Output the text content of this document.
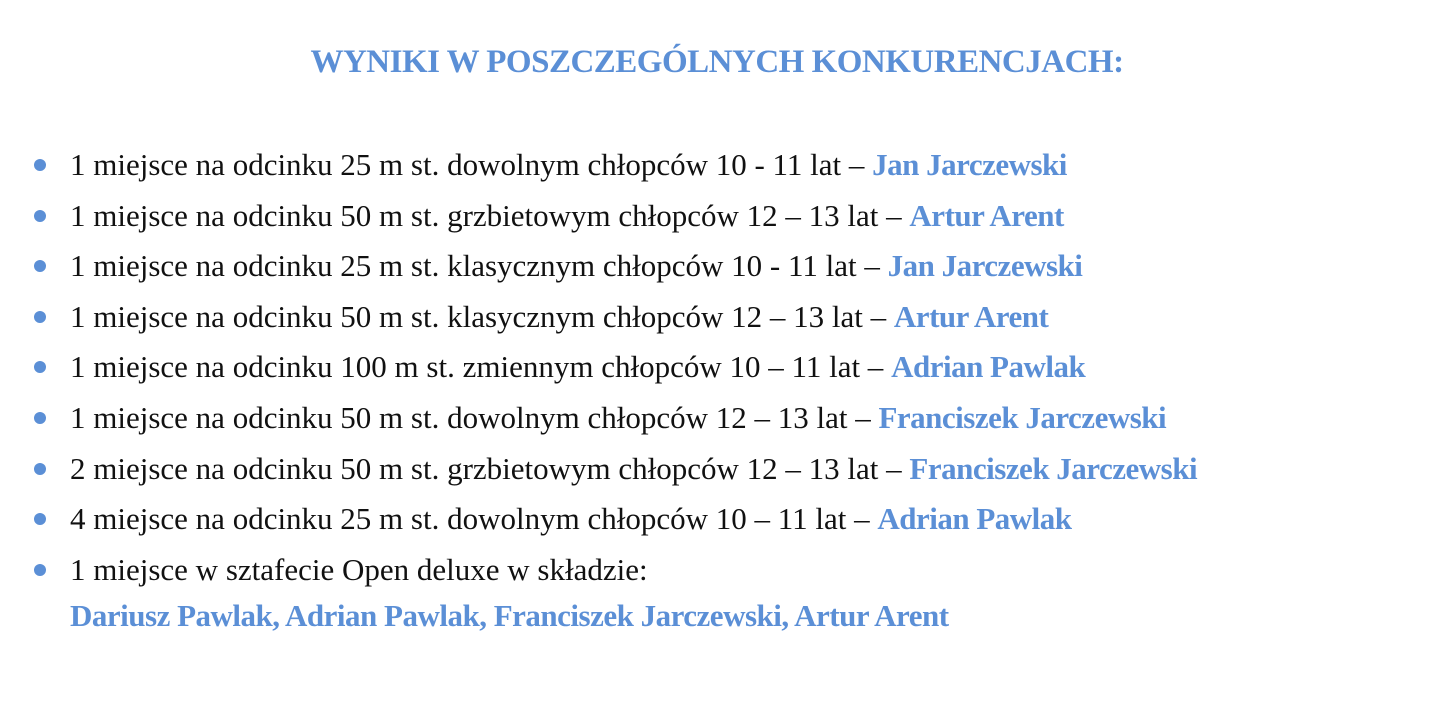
WYNIKI W POSZCZEGÓLNYCH KONKURENCJACH:
1 miejsce na odcinku 25 m st. dowolnym chłopców 10 - 11 lat – Jan Jarczewski
1 miejsce na odcinku 50 m st. grzbietowym chłopców 12 – 13 lat – Artur Arent
1 miejsce na odcinku 25 m st. klasycznym chłopców 10 - 11 lat – Jan Jarczewski
1 miejsce na odcinku 50 m st. klasycznym chłopców 12 – 13 lat – Artur Arent
1 miejsce na odcinku 100 m st. zmiennym chłopców 10 – 11 lat – Adrian Pawlak
1 miejsce na odcinku 50 m st. dowolnym chłopców 12 – 13 lat – Franciszek Jarczewski
2 miejsce na odcinku 50 m st. grzbietowym chłopców 12 – 13 lat – Franciszek Jarczewski
4 miejsce na odcinku 25 m st. dowolnym chłopców 10 – 11 lat – Adrian Pawlak
1 miejsce w sztafecie Open deluxe w składzie:
Dariusz Pawlak, Adrian Pawlak, Franciszek Jarczewski, Artur Arent
